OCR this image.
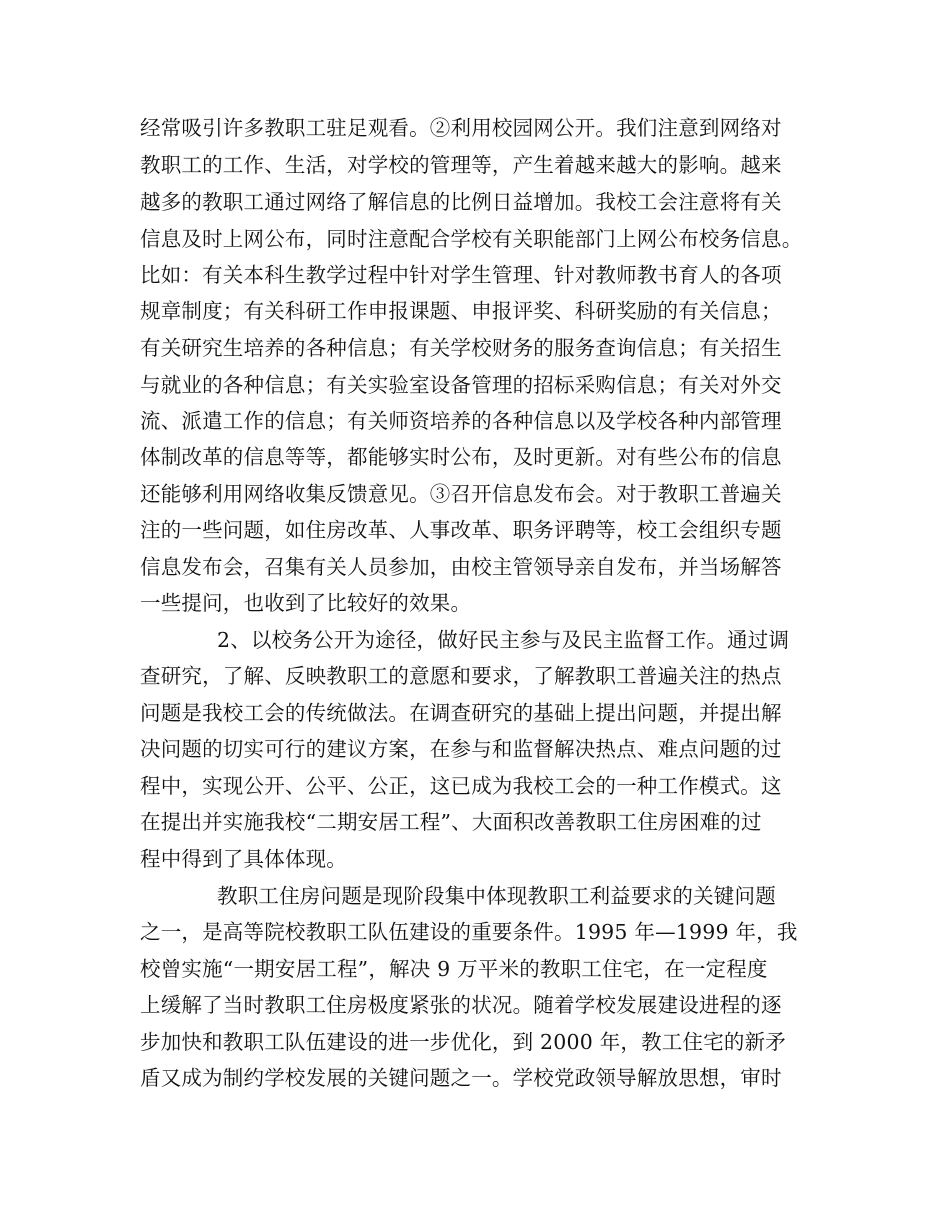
经常吸引许多教职工驻足观看。②利用校园网公开。我们注意到网络对
教职工的工作、生活，对学校的管理等，产生着越来越大的影响。越来
越多的教职工通过网络了解信息的比例日益增加。我校工会注意将有关
信息及时上网公布，同时注意配合学校有关职能部门上网公布校务信息。
比如：有关本科生教学过程中针对学生管理、针对教师教书育人的各项
规章制度；有关科研工作申报课题、申报评奖、科研奖励的有关信息；
有关研究生培养的各种信息；有关学校财务的服务查询信息；有关招生
与就业的各种信息；有关实验室设备管理的招标采购信息；有关对外交
流、派遣工作的信息；有关师资培养的各种信息以及学校各种内部管理
体制改革的信息等等，都能够实时公布，及时更新。对有些公布的信息
还能够利用网络收集反馈意见。③召开信息发布会。对于教职工普遍关
注的一些问题，如住房改革、人事改革、职务评聘等，校工会组织专题
信息发布会，召集有关人员参加，由校主管领导亲自发布，并当场解答
一些提问，也收到了比较好的效果。
2、以校务公开为途径，做好民主参与及民主监督工作。通过调
查研究，了解、反映教职工的意愿和要求，了解教职工普遍关注的热点
问题是我校工会的传统做法。在调查研究的基础上提出问题，并提出解
决问题的切实可行的建议方案，在参与和监督解决热点、难点问题的过
程中，实现公开、公平、公正，这已成为我校工会的一种工作模式。这
在提出并实施我校“二期安居工程”、大面积改善教职工住房困难的过
程中得到了具体体现。
教职工住房问题是现阶段集中体现教职工利益要求的关键问题
之一，是高等院校教职工队伍建设的重要条件。1995 年—1999 年，我
校曾实施“一期安居工程”，解决 9 万平米的教职工住宅，在一定程度
上缓解了当时教职工住房极度紧张的状况。随着学校发展建设进程的逐
步加快和教职工队伍建设的进一步优化，到 2000 年，教工住宅的新矛
盾又成为制约学校发展的关键问题之一。学校党政领导解放思想，审时
